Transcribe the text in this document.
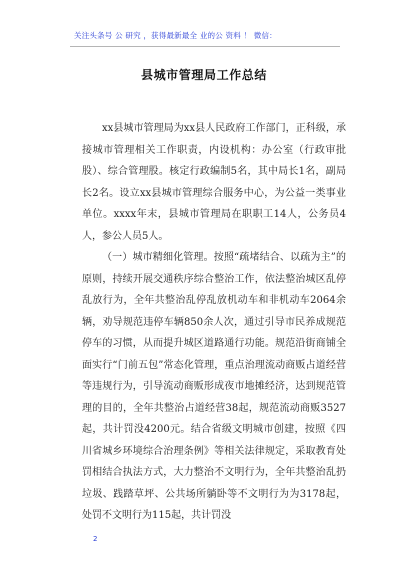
关注头条号 公 研究 ，获得最新最全 业的公 资料 ！ 微信：
县城市管理局工作总结

xx县城市管理局为xx县人民政府工作部门，正科级，承接城市管理相关工作职责，内设机构：办公室（行政审批股）、综合管理股。核定行政编制5名，其中局长1名，副局长2名。设立xx县城市管理综合服务中心，为公益一类事业单位。xxxx年末，县城市管理局在职职工14人，公务员4人，参公人员5人。

（一）城市精细化管理。按照“疏堵结合、以疏为主”的原则，持续开展交通秩序综合整治工作，依法整治城区乱停乱放行为，全年共整治乱停乱放机动车和非机动车2064余辆，劝导规范违停车辆850余人次，通过引导市民养成规范停车的习惯，从而提升城区道路通行功能。规范沿街商铺全面实行“门前五包”常态化管理，重点治理流动商贩占道经营等违规行为，引导流动商贩形成夜市地摊经济，达到规范管理的目的，全年共整治占道经营38起，规范流动商贩3527起，共计罚没4200元。结合省级文明城市创建，按照《四川省城乡环境综合治理条例》等相关法律规定，采取教育处罚相结合执法方式，大力整治不文明行为，全年共整治乱扔垃圾、践踏草坪、公共场所躺卧等不文明行为为3178起，处罚不文明行为115起，共计罚没

2
